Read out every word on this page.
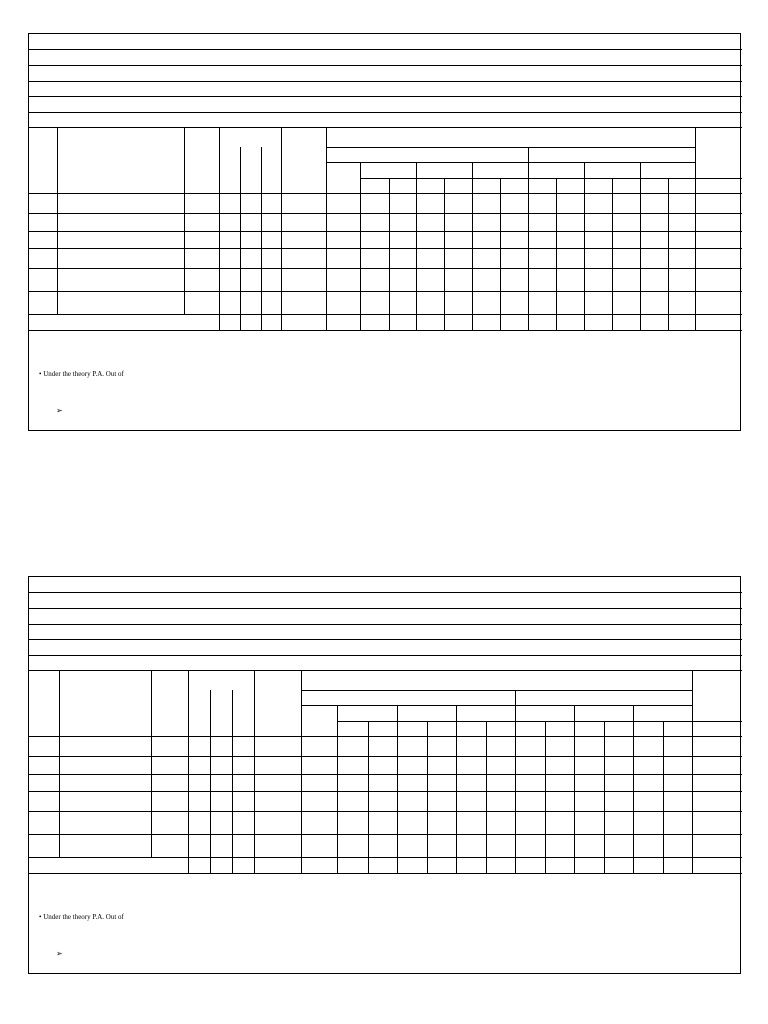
• Under the theory P.A. Out of
➢
• Under the theory P.A. Out of
➢
